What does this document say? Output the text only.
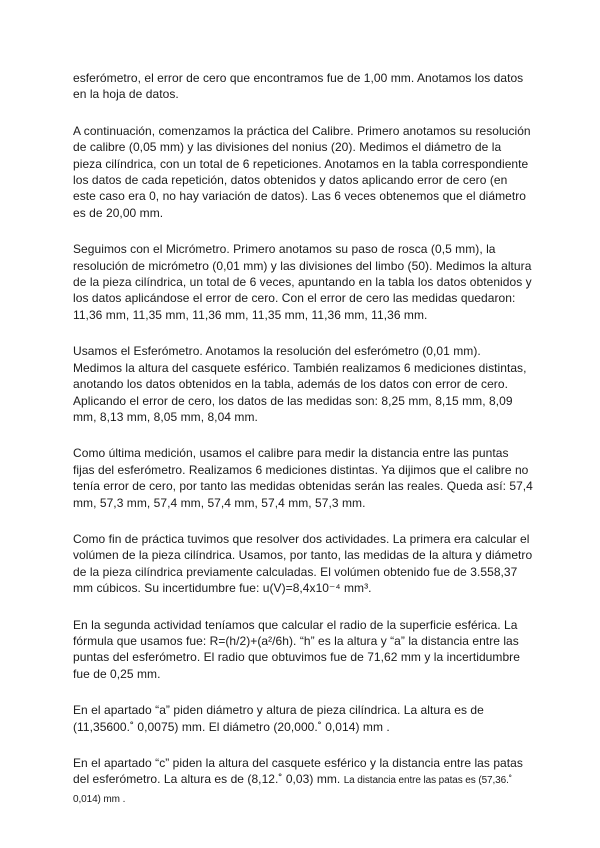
esferómetro, el error de cero que encontramos fue de 1,00 mm. Anotamos los datos en la hoja de datos.

A continuación, comenzamos la práctica del Calibre. Primero anotamos su resolución de calibre (0,05 mm) y las divisiones del nonius (20). Medimos el diámetro de la pieza cilíndrica, con un total de 6 repeticiones. Anotamos en la tabla correspondiente los datos de cada repetición, datos obtenidos y datos aplicando error de cero (en este caso era 0, no hay variación de datos). Las 6 veces obtenemos que el diámetro es de 20,00 mm.

Seguimos con el Micrómetro. Primero anotamos su paso de rosca (0,5 mm), la resolución de micrómetro (0,01 mm) y las divisiones del limbo (50). Medimos la altura de la pieza cilíndrica, un total de 6 veces, apuntando en la tabla los datos obtenidos y los datos aplicándose el error de cero. Con el error de cero las medidas quedaron: 11,36 mm, 11,35 mm, 11,36 mm, 11,35 mm, 11,36 mm, 11,36 mm.

Usamos el Esferómetro. Anotamos la resolución del esferómetro (0,01 mm). Medimos la altura del casquete esférico. También realizamos 6 mediciones distintas, anotando los datos obtenidos en la tabla, además de los datos con error de cero. Aplicando el error de cero, los datos de las medidas son: 8,25 mm, 8,15 mm, 8,09 mm, 8,13 mm, 8,05 mm, 8,04 mm.

Como última medición, usamos el calibre para medir la distancia entre las puntas fijas del esferómetro. Realizamos 6 mediciones distintas. Ya dijimos que el calibre no tenía error de cero, por tanto las medidas obtenidas serán las reales. Queda así: 57,4 mm, 57,3 mm, 57,4 mm, 57,4 mm, 57,4 mm, 57,3 mm.

Como fin de práctica tuvimos que resolver dos actividades. La primera era calcular el volúmen de la pieza cilíndrica. Usamos, por tanto, las medidas de la altura y diámetro de la pieza cilíndrica previamente calculadas. El volúmen obtenido fue de 3.558,37 mm cúbicos. Su incertidumbre fue: u(V)=8,4x10⁻⁴ mm³.

En la segunda actividad teníamos que calcular el radio de la superficie esférica. La fórmula que usamos fue: R=(h/2)+(a²/6h). “h” es la altura y “a” la distancia entre las puntas del esferómetro. El radio que obtuvimos fue de 71,62 mm y la incertidumbre fue de 0,25 mm.

En el apartado “a” piden diámetro y altura de pieza cilíndrica. La altura es de (11,35600.˚ 0,0075) mm. El diámetro (20,000.˚ 0,014) mm .

En el apartado “c” piden la altura del casquete esférico y la distancia entre las patas del esferómetro. La altura es de (8,12.˚ 0,03) mm. La distancia entre las patas es (57,36.˚ 0,014) mm .
